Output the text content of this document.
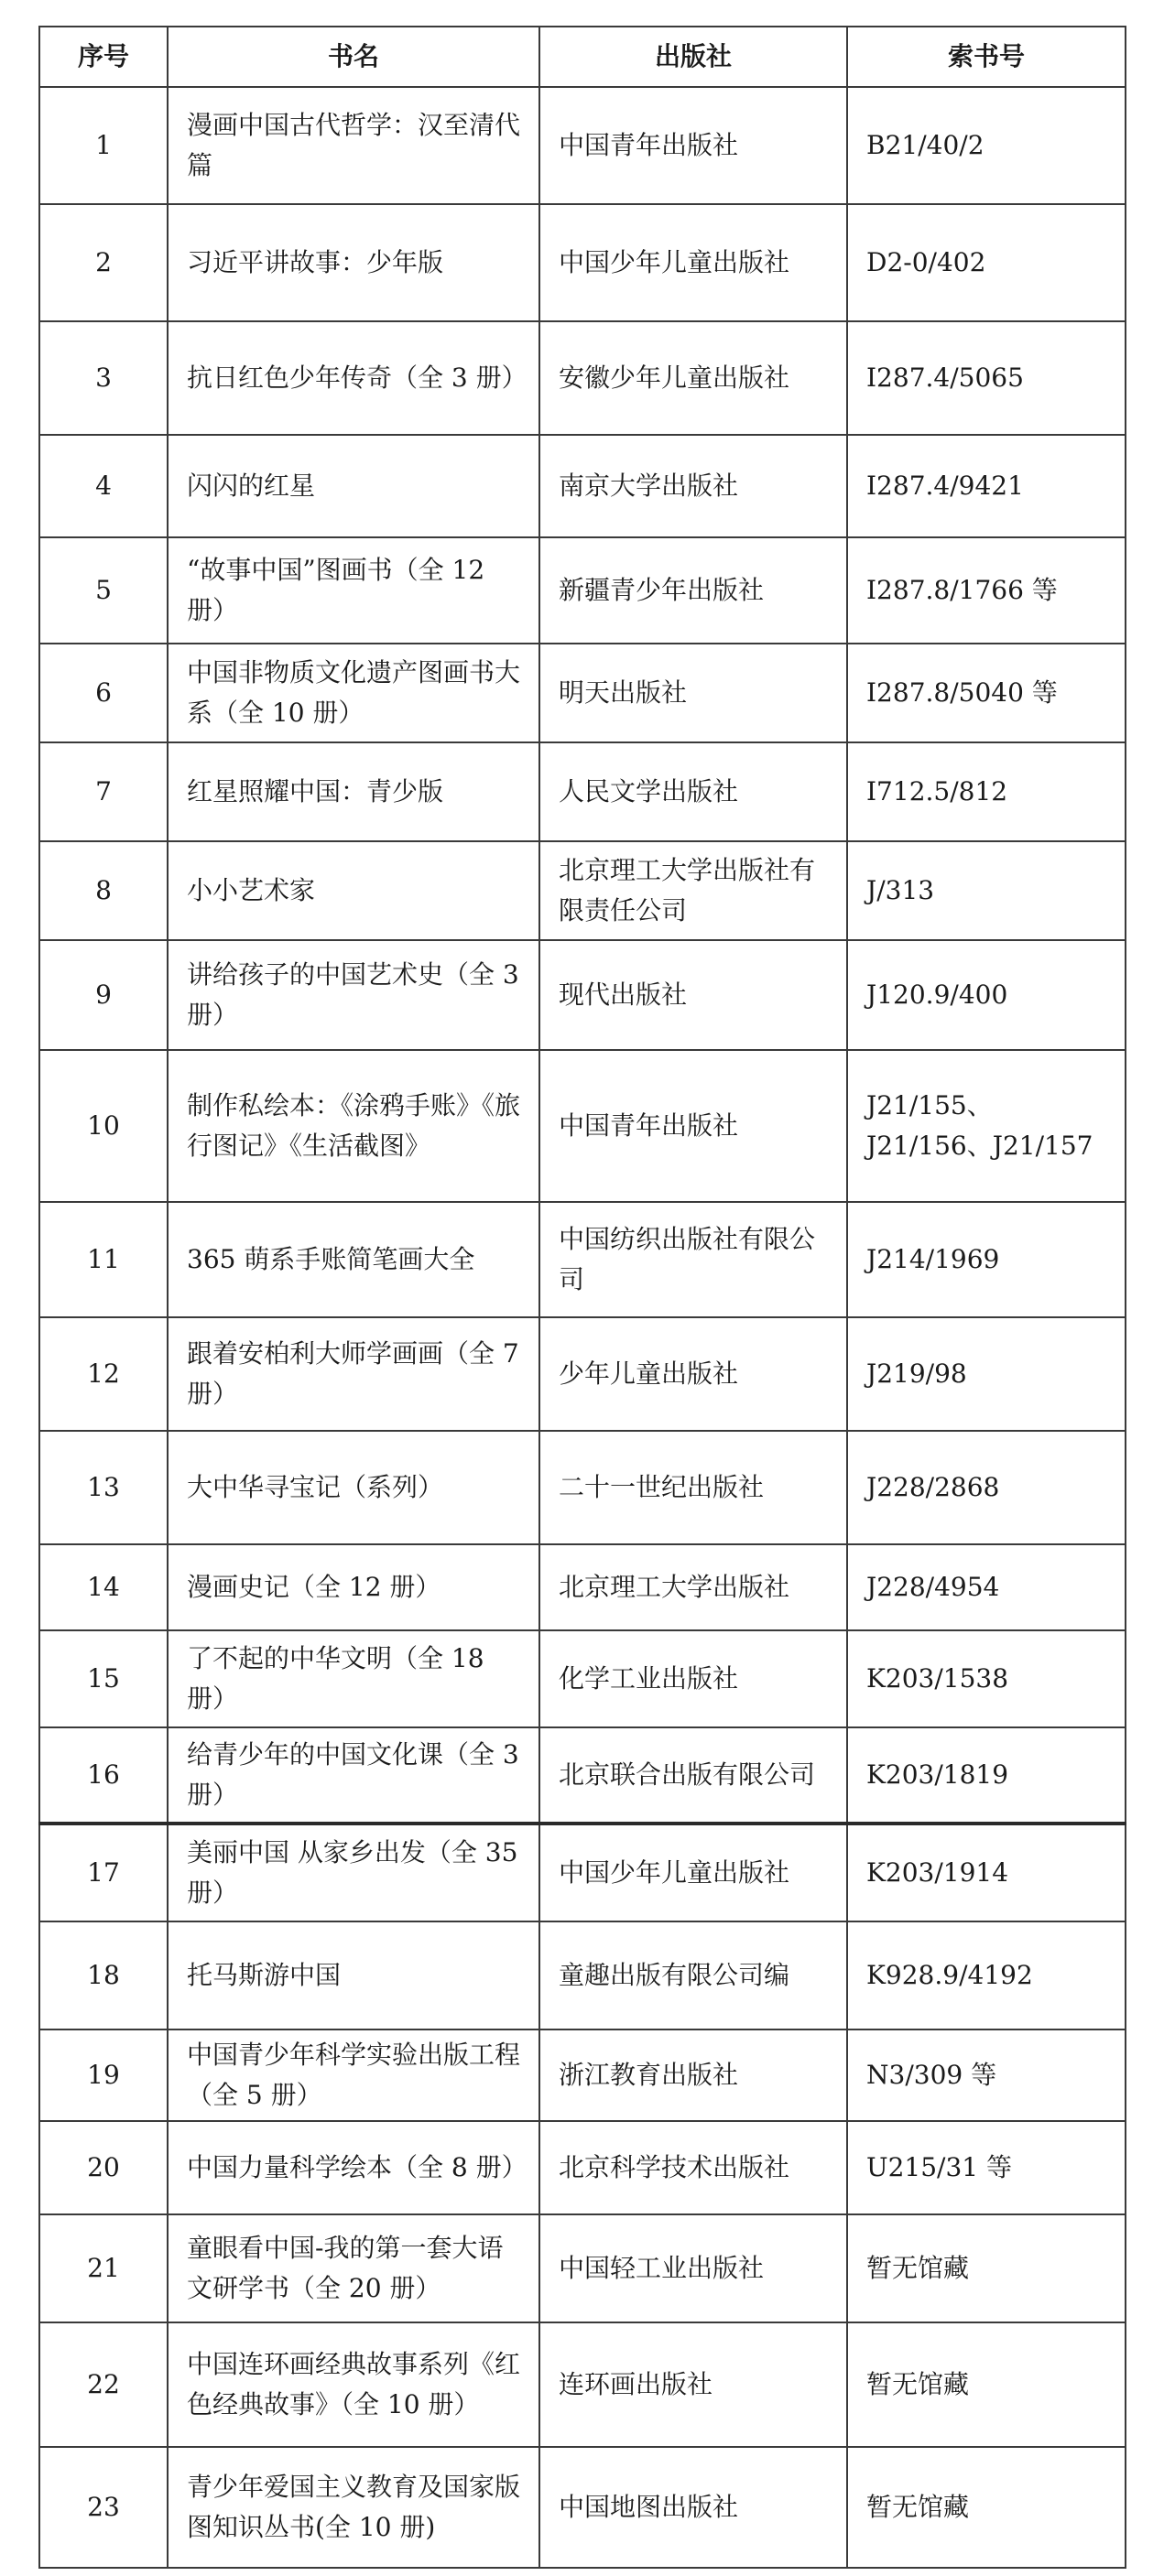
序号	书名	出版社	索书号
1	漫画中国古代哲学：汉至清代篇	中国青年出版社	B21/40/2
2	习近平讲故事：少年版	中国少年儿童出版社	D2-0/402
3	抗日红色少年传奇（全 3 册）	安徽少年儿童出版社	I287.4/5065
4	闪闪的红星	南京大学出版社	I287.4/9421
5	“故事中国”图画书（全 12 册）	新疆青少年出版社	I287.8/1766 等
6	中国非物质文化遗产图画书大系（全 10 册）	明天出版社	I287.8/5040 等
7	红星照耀中国：青少版	人民文学出版社	I712.5/812
8	小小艺术家	北京理工大学出版社有限责任公司	J/313
9	讲给孩子的中国艺术史（全 3 册）	现代出版社	J120.9/400
10	制作私绘本：《涂鸦手账》《旅行图记》《生活截图》	中国青年出版社	J21/155、J21/156、J21/157
11	365 萌系手账简笔画大全	中国纺织出版社有限公司	J214/1969
12	跟着安柏利大师学画画（全 7 册）	少年儿童出版社	J219/98
13	大中华寻宝记（系列）	二十一世纪出版社	J228/2868
14	漫画史记（全 12 册）	北京理工大学出版社	J228/4954
15	了不起的中华文明（全 18 册）	化学工业出版社	K203/1538
16	给青少年的中国文化课（全 3 册）	北京联合出版有限公司	K203/1819
17	美丽中国 从家乡出发（全 35 册）	中国少年儿童出版社	K203/1914
18	托马斯游中国	童趣出版有限公司编	K928.9/4192
19	中国青少年科学实验出版工程（全 5 册）	浙江教育出版社	N3/309 等
20	中国力量科学绘本（全 8 册）	北京科学技术出版社	U215/31 等
21	童眼看中国-我的第一套大语文研学书（全 20 册）	中国轻工业出版社	暂无馆藏
22	中国连环画经典故事系列《红色经典故事》（全 10 册）	连环画出版社	暂无馆藏
23	青少年爱国主义教育及国家版图知识丛书(全 10 册)	中国地图出版社	暂无馆藏
